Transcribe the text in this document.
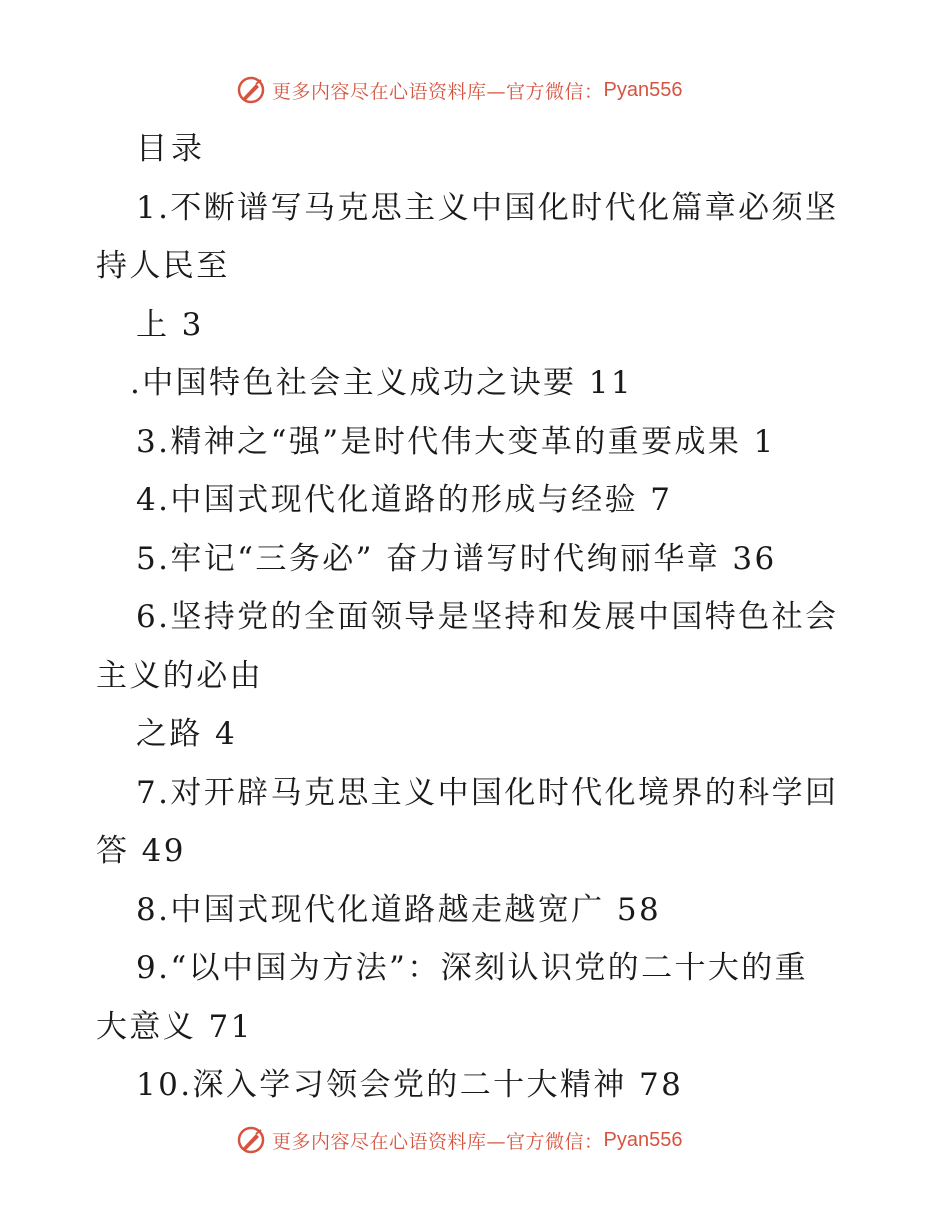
更多内容尽在心语资料库—官方微信： Pyan556
目录
1.不断谱写马克思主义中国化时代化篇章必须坚
持人民至
上 3
.中国特色社会主义成功之诀要 11
3.精神之“强”是时代伟大变革的重要成果 1
4.中国式现代化道路的形成与经验 7
5.牢记“三务必” 奋力谱写时代绚丽华章 36
6.坚持党的全面领导是坚持和发展中国特色社会
主义的必由
之路 4
7.对开辟马克思主义中国化时代化境界的科学回
答 49
8.中国式现代化道路越走越宽广 58
9.“以中国为方法”：深刻认识党的二十大的重
大意义 71
10.深入学习领会党的二十大精神 78
更多内容尽在心语资料库—官方微信： Pyan556
